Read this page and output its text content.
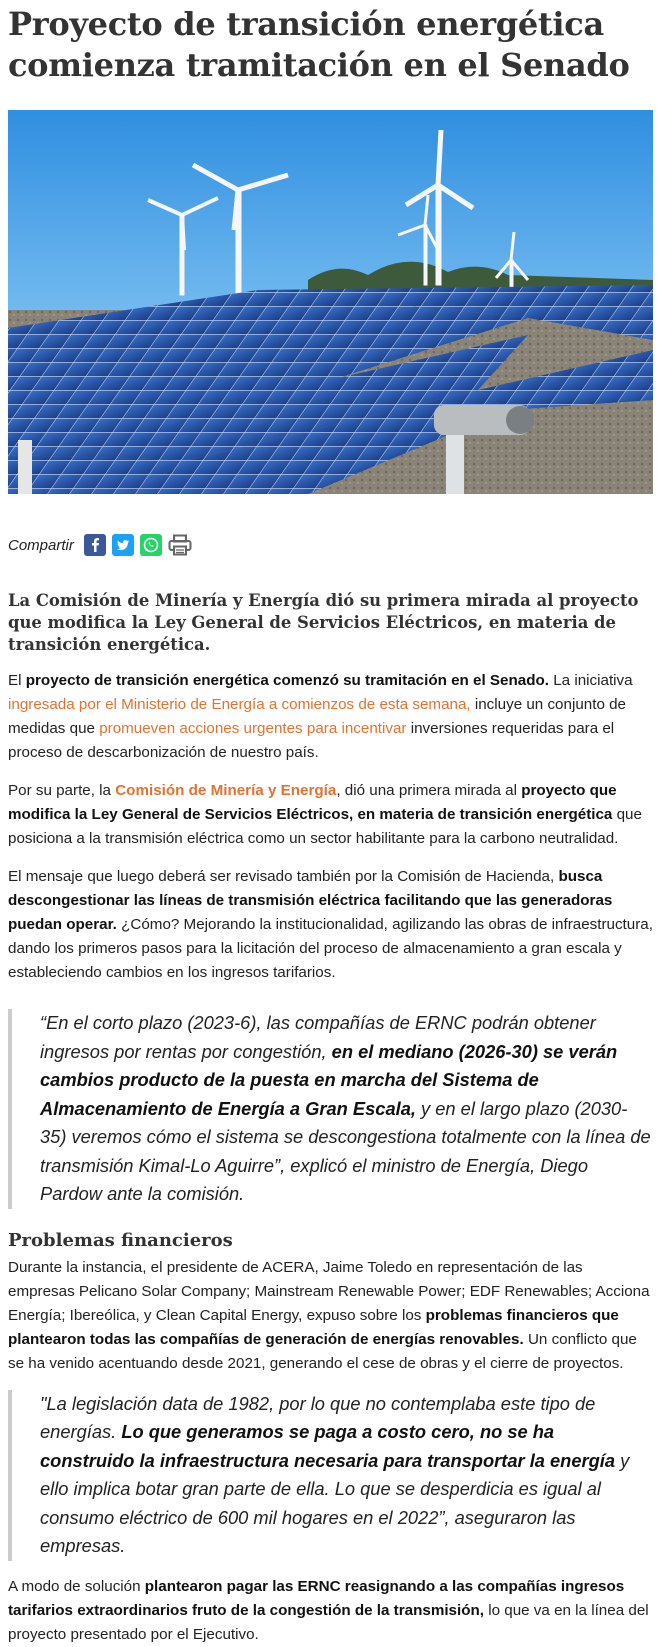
Proyecto de transición energética comienza tramitación en el Senado
Compartir
La Comisión de Minería y Energía dió su primera mirada al proyecto que modifica la Ley General de Servicios Eléctricos, en materia de transición energética.

El proyecto de transición energética comenzó su tramitación en el Senado. La iniciativa ingresada por el Ministerio de Energía a comienzos de esta semana, incluye un conjunto de medidas que promueven acciones urgentes para incentivar inversiones requeridas para el proceso de descarbonización de nuestro país.

Por su parte, la Comisión de Minería y Energía, dió una primera mirada al proyecto que modifica la Ley General de Servicios Eléctricos, en materia de transición energética que posiciona a la transmisión eléctrica como un sector habilitante para la carbono neutralidad.

El mensaje que luego deberá ser revisado también por la Comisión de Hacienda, busca descongestionar las líneas de transmisión eléctrica facilitando que las generadoras puedan operar. ¿Cómo? Mejorando la institucionalidad, agilizando las obras de infraestructura, dando los primeros pasos para la licitación del proceso de almacenamiento a gran escala y estableciendo cambios en los ingresos tarifarios.

“En el corto plazo (2023-6), las compañías de ERNC podrán obtener ingresos por rentas por congestión, en el mediano (2026-30) se verán cambios producto de la puesta en marcha del Sistema de Almacenamiento de Energía a Gran Escala, y en el largo plazo (2030-35) veremos cómo el sistema se descongestiona totalmente con la línea de transmisión Kimal-Lo Aguirre”, explicó el ministro de Energía, Diego Pardow ante la comisión.
Problemas financieros

Durante la instancia, el presidente de ACERA, Jaime Toledo en representación de las empresas Pelicano Solar Company; Mainstream Renewable Power; EDF Renewables; Acciona Energía; Ibereólica, y Clean Capital Energy, expuso sobre los problemas financieros que plantearon todas las compañías de generación de energías renovables. Un conflicto que se ha venido acentuando desde 2021, generando el cese de obras y el cierre de proyectos.

"La legislación data de 1982, por lo que no contemplaba este tipo de energías. Lo que generamos se paga a costo cero, no se ha construido la infraestructura necesaria para transportar la energía y ello implica botar gran parte de ella. Lo que se desperdicia es igual al consumo eléctrico de 600 mil hogares en el 2022”, aseguraron las empresas.

A modo de solución plantearon pagar las ERNC reasignando a las compañías ingresos tarifarios extraordinarios fruto de la congestión de la transmisión, lo que va en la línea del proyecto presentado por el Ejecutivo.
